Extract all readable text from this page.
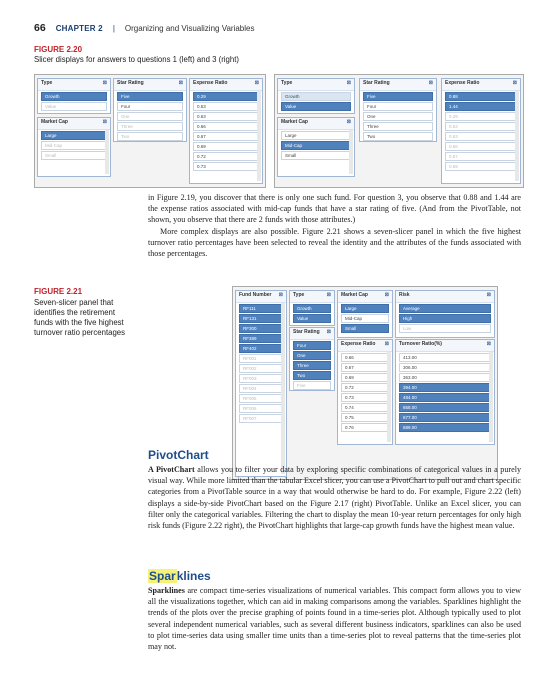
66 CHAPTER 2 | Organizing and Visualizing Variables
FIGURE 2.20
Slicer displays for answers to questions 1 (left) and 3 (right)
Type	⊠
Growth
Value
Market Cap	⊠
Large
Mid-Cap
Small
Star Rating	⊠
Five
Four
One
Three
Two
Expense Ratio	⊠
0.29
0.53
0.63
0.66
0.67
0.69
0.72
0.73
Type	⊠
Growth
Value
Market Cap	⊠
Large
Mid-Cap
Small
Star Rating	⊠
Five
Four
One
Three
Two
Expense Ratio	⊠
0.88
1.44
0.29
0.53
0.63
0.66
0.67
0.69

in Figure 2.19, you discover that there is only one such fund. For question 3, you observe that 0.88 and 1.44 are the expense ratios associated with mid-cap funds that have a star rating of five. (And from the PivotTable, not shown, you observe that there are 2 funds with those attributes.)

More complex displays are also possible. Figure 2.21 shows a seven-slicer panel in which the five highest turnover ratio percentages have been selected to reveal the identity and the attributes of the funds associated with those percentages.

FIGURE 2.21
Seven-slicer panel that identifies the retirement funds with the five highest turnover ratio percentages
Fund Number ⊠
RF111
RF131
RF300
RF389
RF402
RF001
RF002
RF003
RF004
RF005
RF006
RF007
Type	⊠
Growth
Value
Star Rating ⊠
Four
One
Three
Two
Five
Market Cap	⊠
Large
Mid-Cap
Small
Risk	⊠
Average
High
Low
Expense Ratio ⊠
0.66
0.67
0.69
0.72
0.73
0.74
0.75
0.76
Turnover Ratio(%)	⊠
413.00
306.00
363.00
394.00
484.00
658.00
677.00
689.00
PivotChart

A PivotChart allows you to filter your data by exploring specific combinations of categorical values in a purely visual way. While more limited than the tabular Excel slicer, you can use a PivotChart to pull out and chart specific categories from a PivotTable source in a way that would otherwise be hard to do. For example, Figure 2.22 (left) displays a side-by-side PivotChart based on the Figure 2.17 (right) PivotTable. Unlike an Excel slicer, you can filter only the categorical variables. Filtering the chart to display the mean 10-year return percentages for only high risk funds (Figure 2.22 right), the PivotChart highlights that large-cap growth funds have the highest mean value.

Sparklines

Sparklines are compact time-series visualizations of numerical variables. This compact form allows you to view all the visualizations together, which can aid in making comparisons among the variables. Sparklines highlight the trends of the plots over the precise graphing of points found in a time-series plot. Although typically used to plot several independent numerical variables, such as several different business indicators, sparklines can also be used to plot time-series data using smaller time units than a time-series plot to reveal patterns that the time-series plot may not.
